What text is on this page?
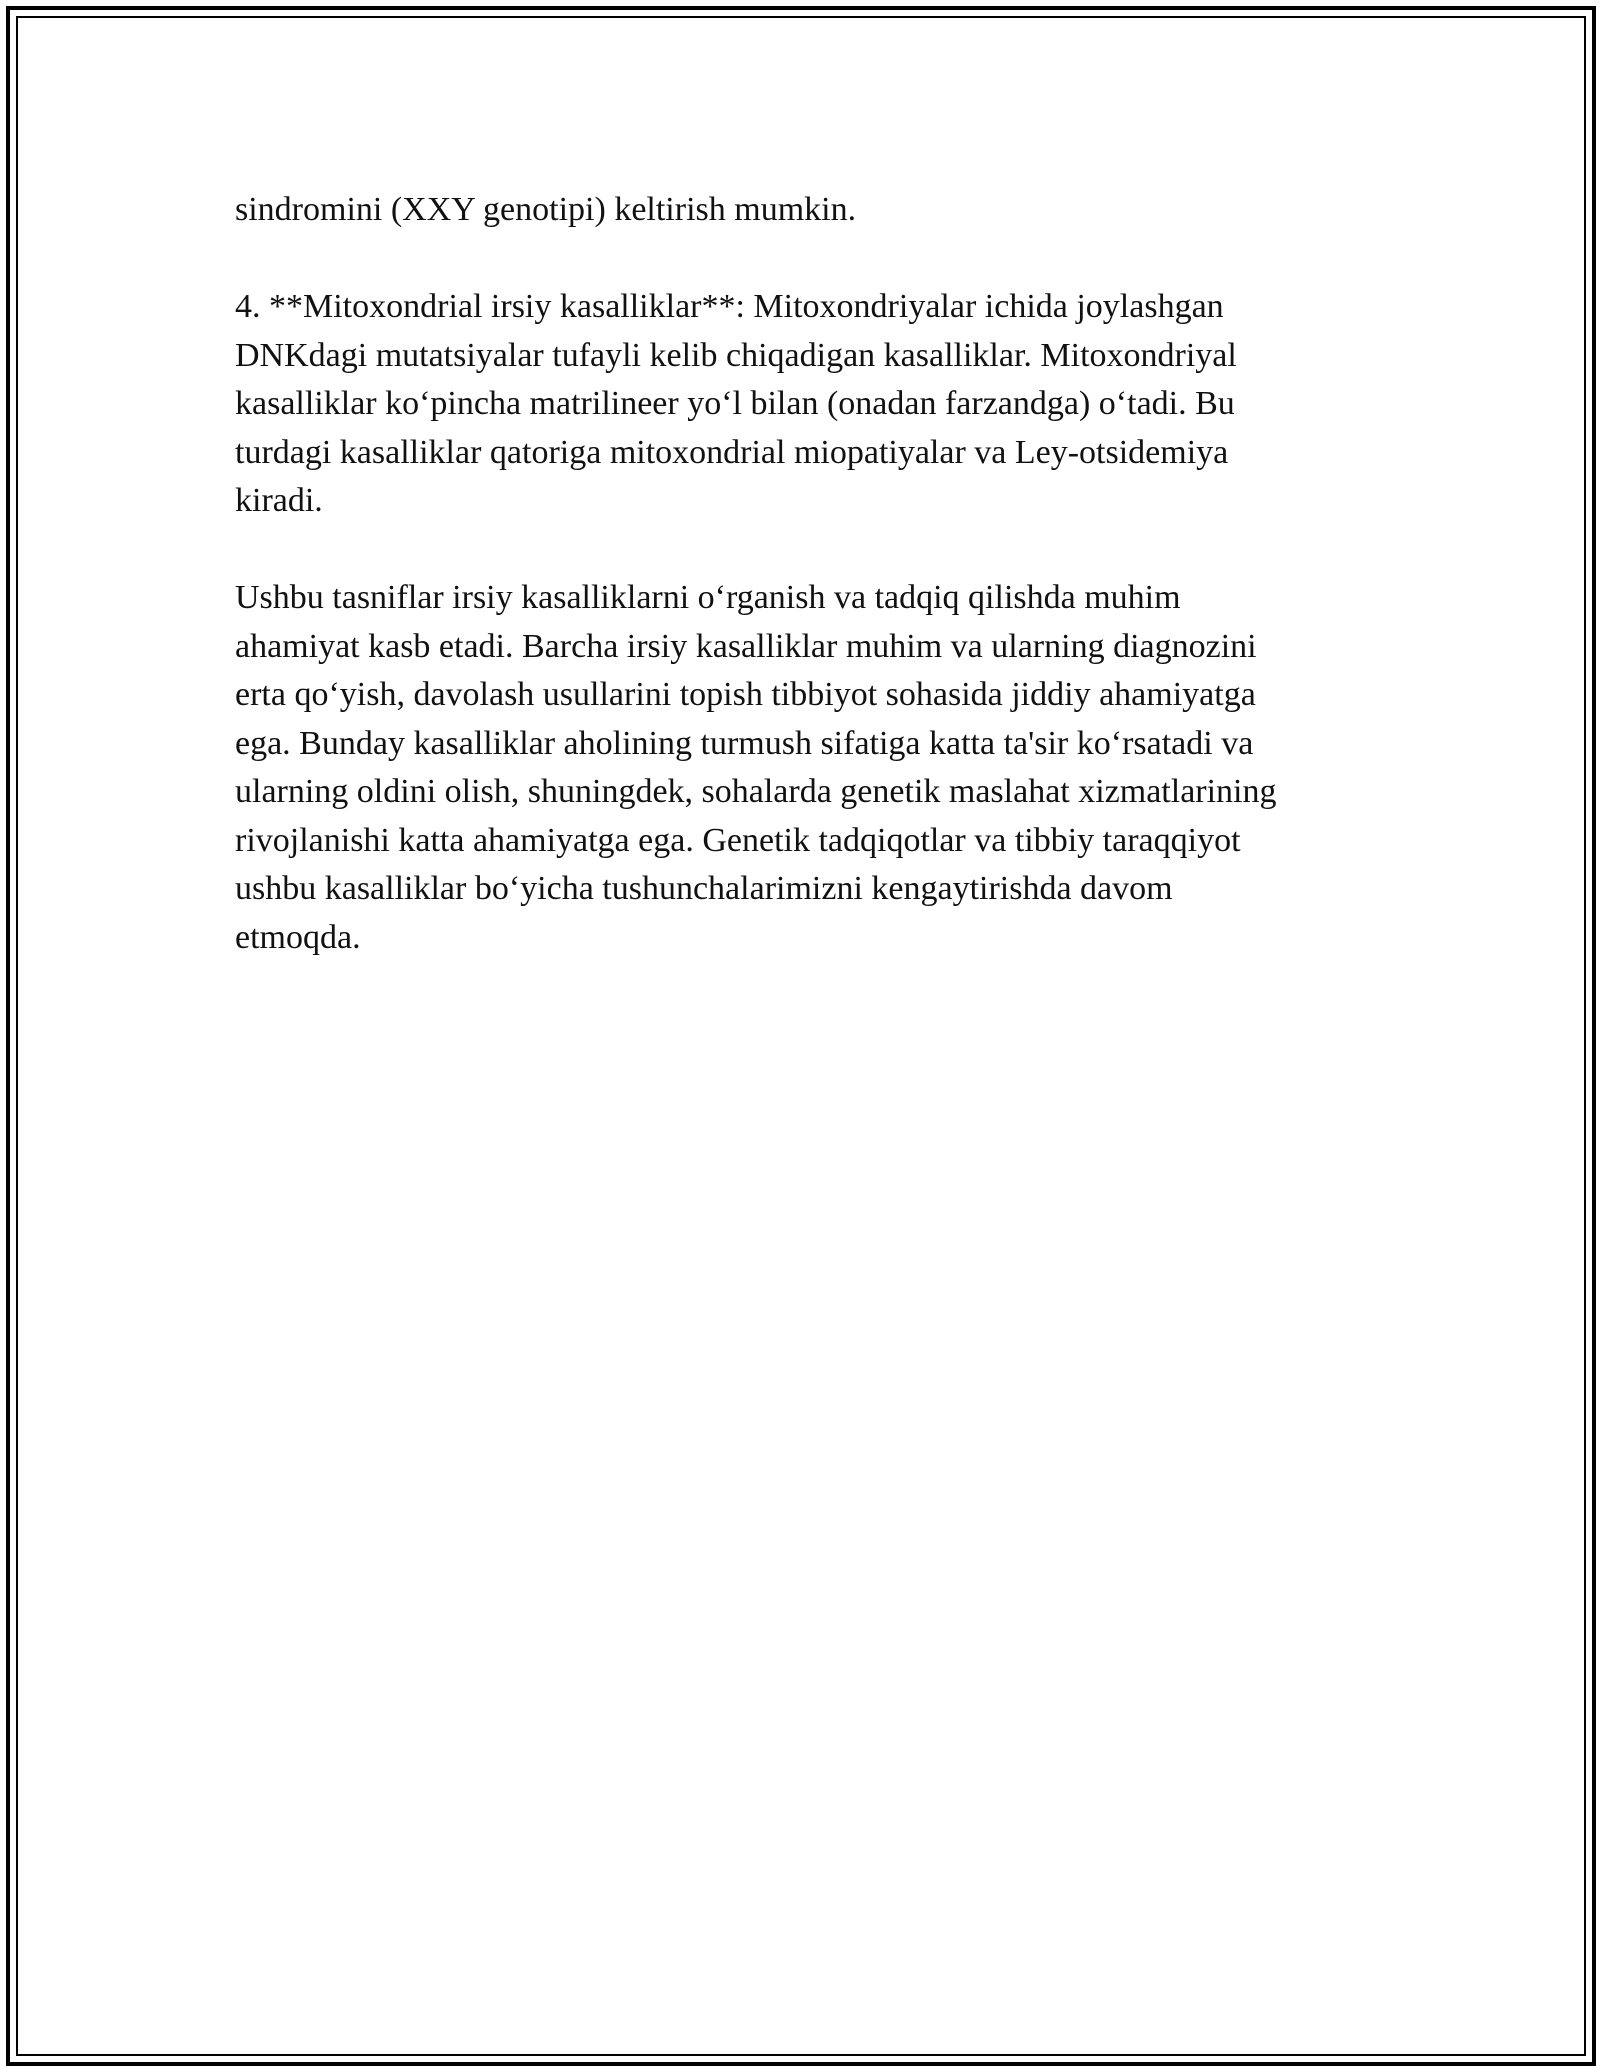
sindromini (XXY genotipi) keltirish mumkin.

4. **Mitoxondrial irsiy kasalliklar**: Mitoxondriyalar ichida joylashgan
DNKdagi mutatsiyalar tufayli kelib chiqadigan kasalliklar. Mitoxondriyal
kasalliklar ko‘pincha matrilineer yo‘l bilan (onadan farzandga) o‘tadi. Bu
turdagi kasalliklar qatoriga mitoxondrial miopatiyalar va Ley-otsidemiya
kiradi.

Ushbu tasniflar irsiy kasalliklarni o‘rganish va tadqiq qilishda muhim
ahamiyat kasb etadi. Barcha irsiy kasalliklar muhim va ularning diagnozini
erta qo‘yish, davolash usullarini topish tibbiyot sohasida jiddiy ahamiyatga
ega. Bunday kasalliklar aholining turmush sifatiga katta ta'sir ko‘rsatadi va
ularning oldini olish, shuningdek, sohalarda genetik maslahat xizmatlarining
rivojlanishi katta ahamiyatga ega. Genetik tadqiqotlar va tibbiy taraqqiyot
ushbu kasalliklar bo‘yicha tushunchalarimizni kengaytirishda davom
etmoqda.
